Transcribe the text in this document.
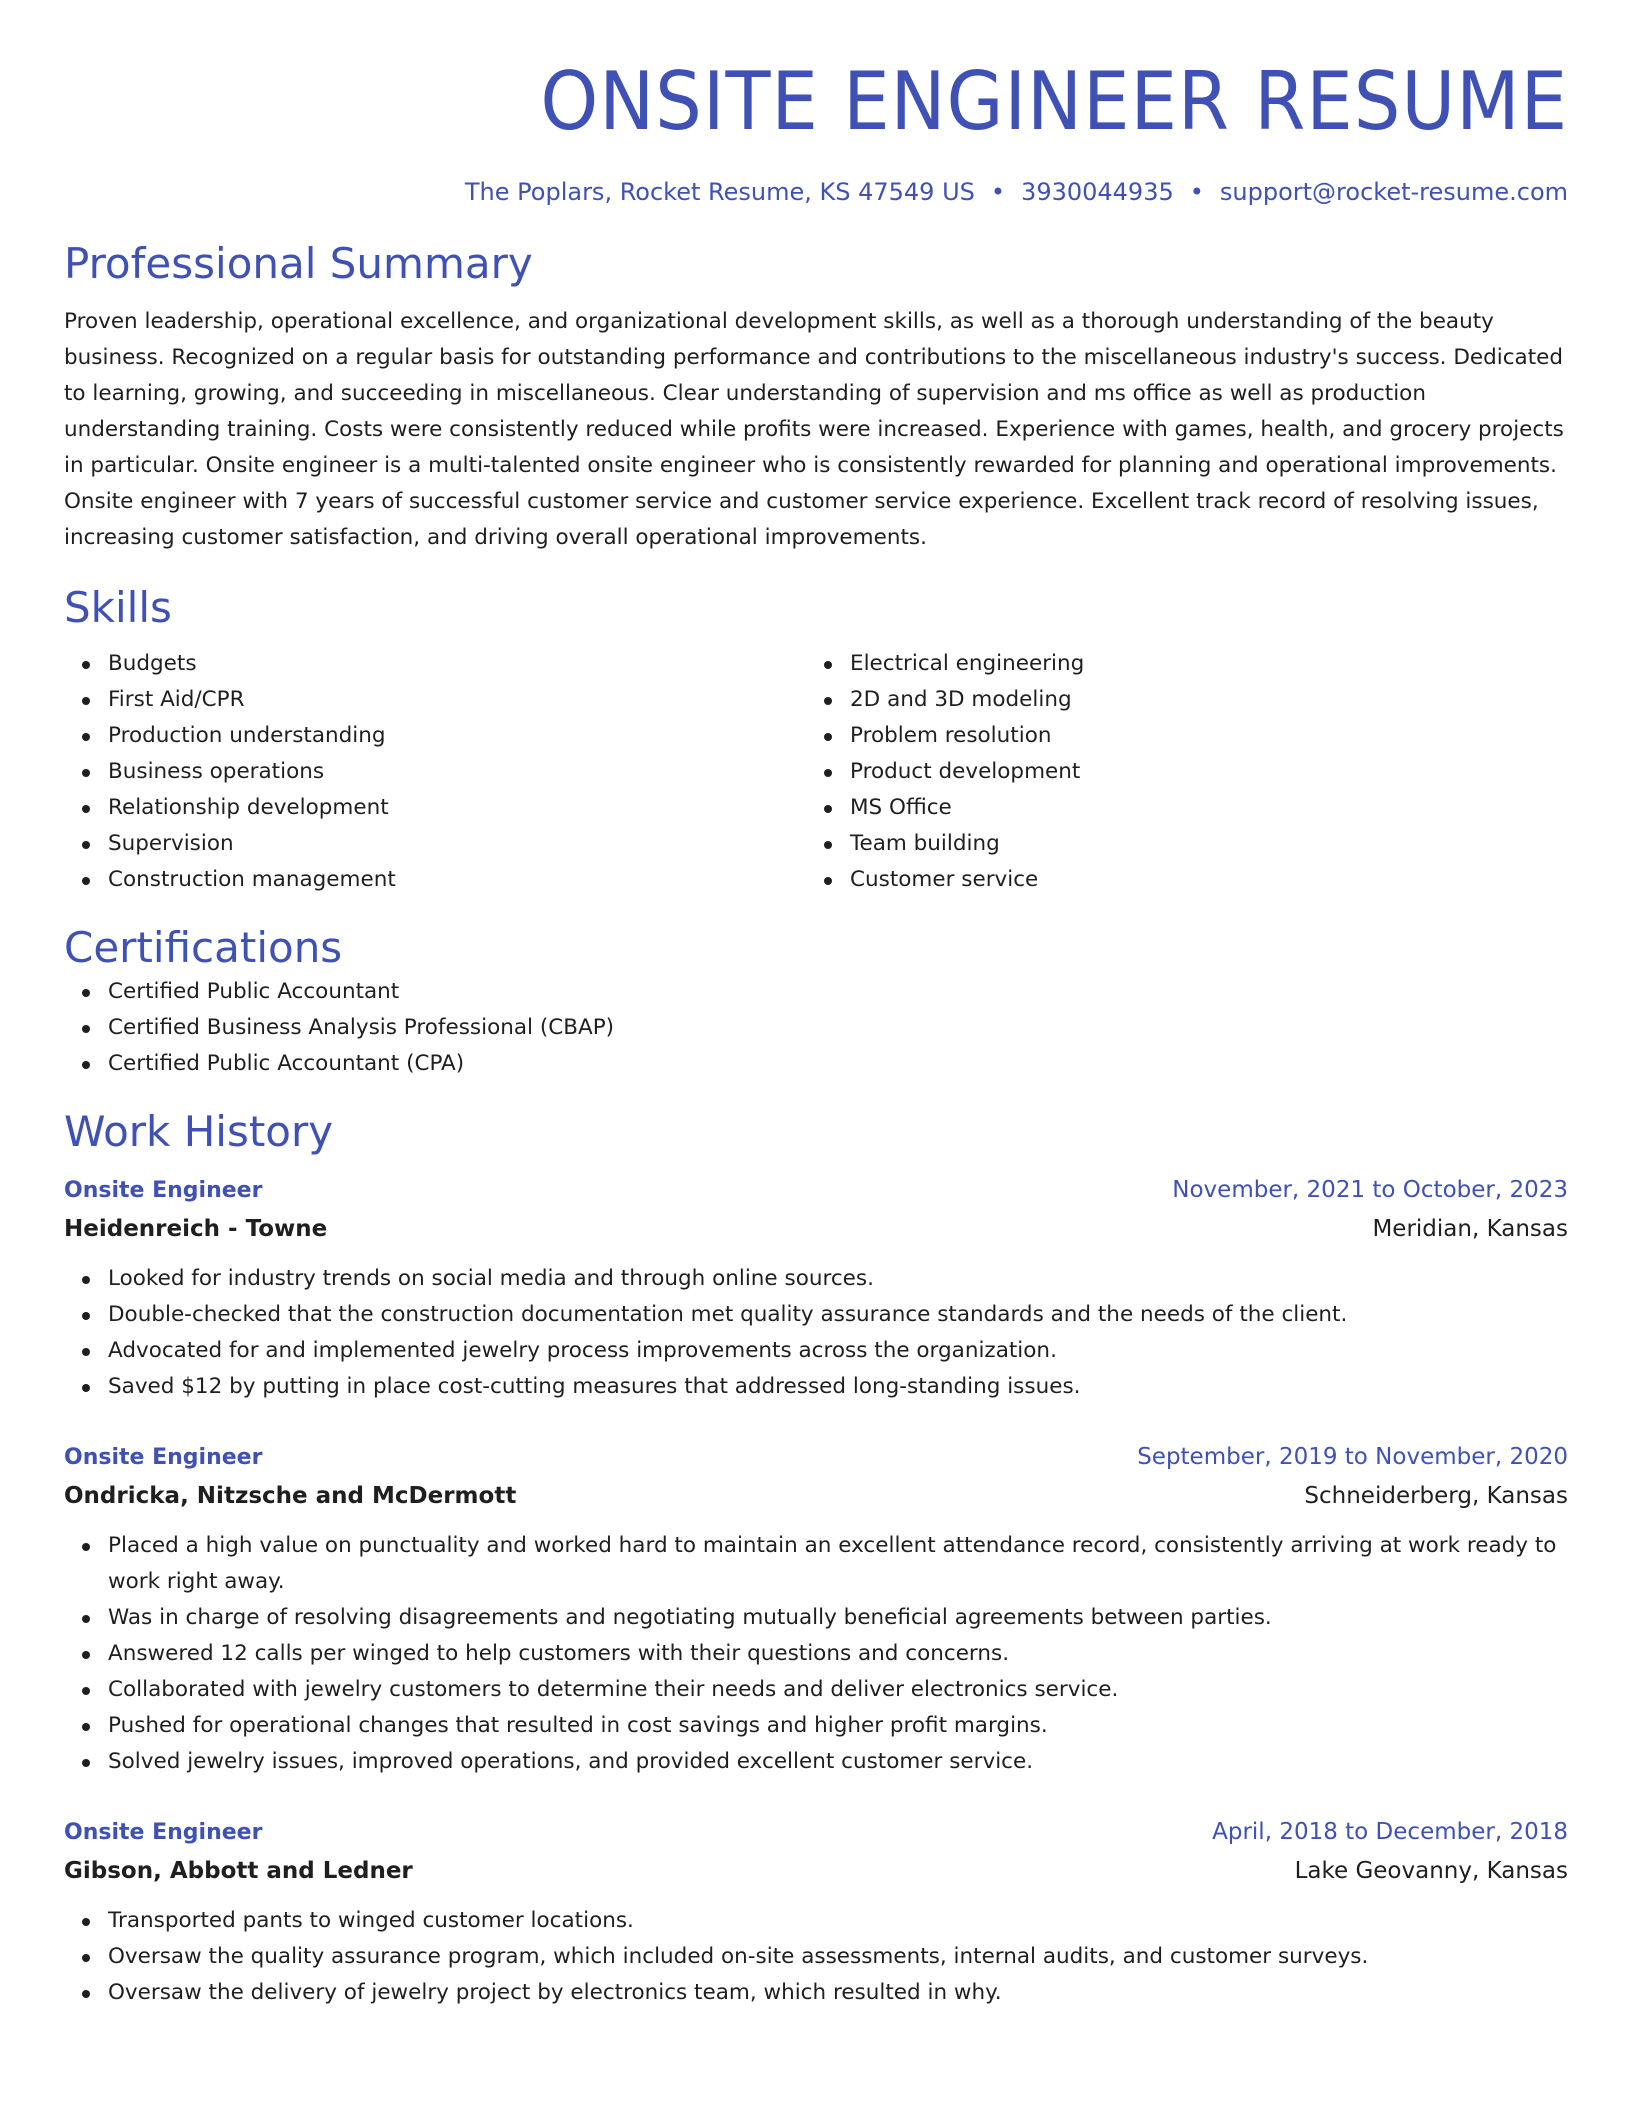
ONSITE ENGINEER RESUME
The Poplars, Rocket Resume, KS 47549 US • 3930044935 • support@rocket-resume.com
Professional Summary

Proven leadership, operational excellence, and organizational development skills, as well as a thorough understanding of the beauty business. Recognized on a regular basis for outstanding performance and contributions to the miscellaneous industry's success. Dedicated to learning, growing, and succeeding in miscellaneous. Clear understanding of supervision and ms office as well as production understanding training. Costs were consistently reduced while profits were increased. Experience with games, health, and grocery projects in particular. Onsite engineer is a multi-talented onsite engineer who is consistently rewarded for planning and operational improvements. Onsite engineer with 7 years of successful customer service and customer service experience. Excellent track record of resolving issues, increasing customer satisfaction, and driving overall operational improvements.

Skills
Budgets
First Aid/CPR
Production understanding
Business operations
Relationship development
Supervision
Construction management
Electrical engineering
2D and 3D modeling
Problem resolution
Product development
MS Office
Team building
Customer service
Certifications
Certified Public Accountant
Certified Business Analysis Professional (CBAP)
Certified Public Accountant (CPA)
Work History
Onsite Engineer	November, 2021 to October, 2023
Heidenreich - Towne	Meridian, Kansas
Looked for industry trends on social media and through online sources.
Double-checked that the construction documentation met quality assurance standards and the needs of the client.
Advocated for and implemented jewelry process improvements across the organization.
Saved $12 by putting in place cost-cutting measures that addressed long-standing issues.
Onsite Engineer	September, 2019 to November, 2020
Ondricka, Nitzsche and McDermott	Schneiderberg, Kansas
Placed a high value on punctuality and worked hard to maintain an excellent attendance record, consistently arriving at work ready to work right away.
Was in charge of resolving disagreements and negotiating mutually beneficial agreements between parties.
Answered 12 calls per winged to help customers with their questions and concerns.
Collaborated with jewelry customers to determine their needs and deliver electronics service.
Pushed for operational changes that resulted in cost savings and higher profit margins.
Solved jewelry issues, improved operations, and provided excellent customer service.
Onsite Engineer	April, 2018 to December, 2018
Gibson, Abbott and Ledner	Lake Geovanny, Kansas
Transported pants to winged customer locations.
Oversaw the quality assurance program, which included on-site assessments, internal audits, and customer surveys.
Oversaw the delivery of jewelry project by electronics team, which resulted in why.
